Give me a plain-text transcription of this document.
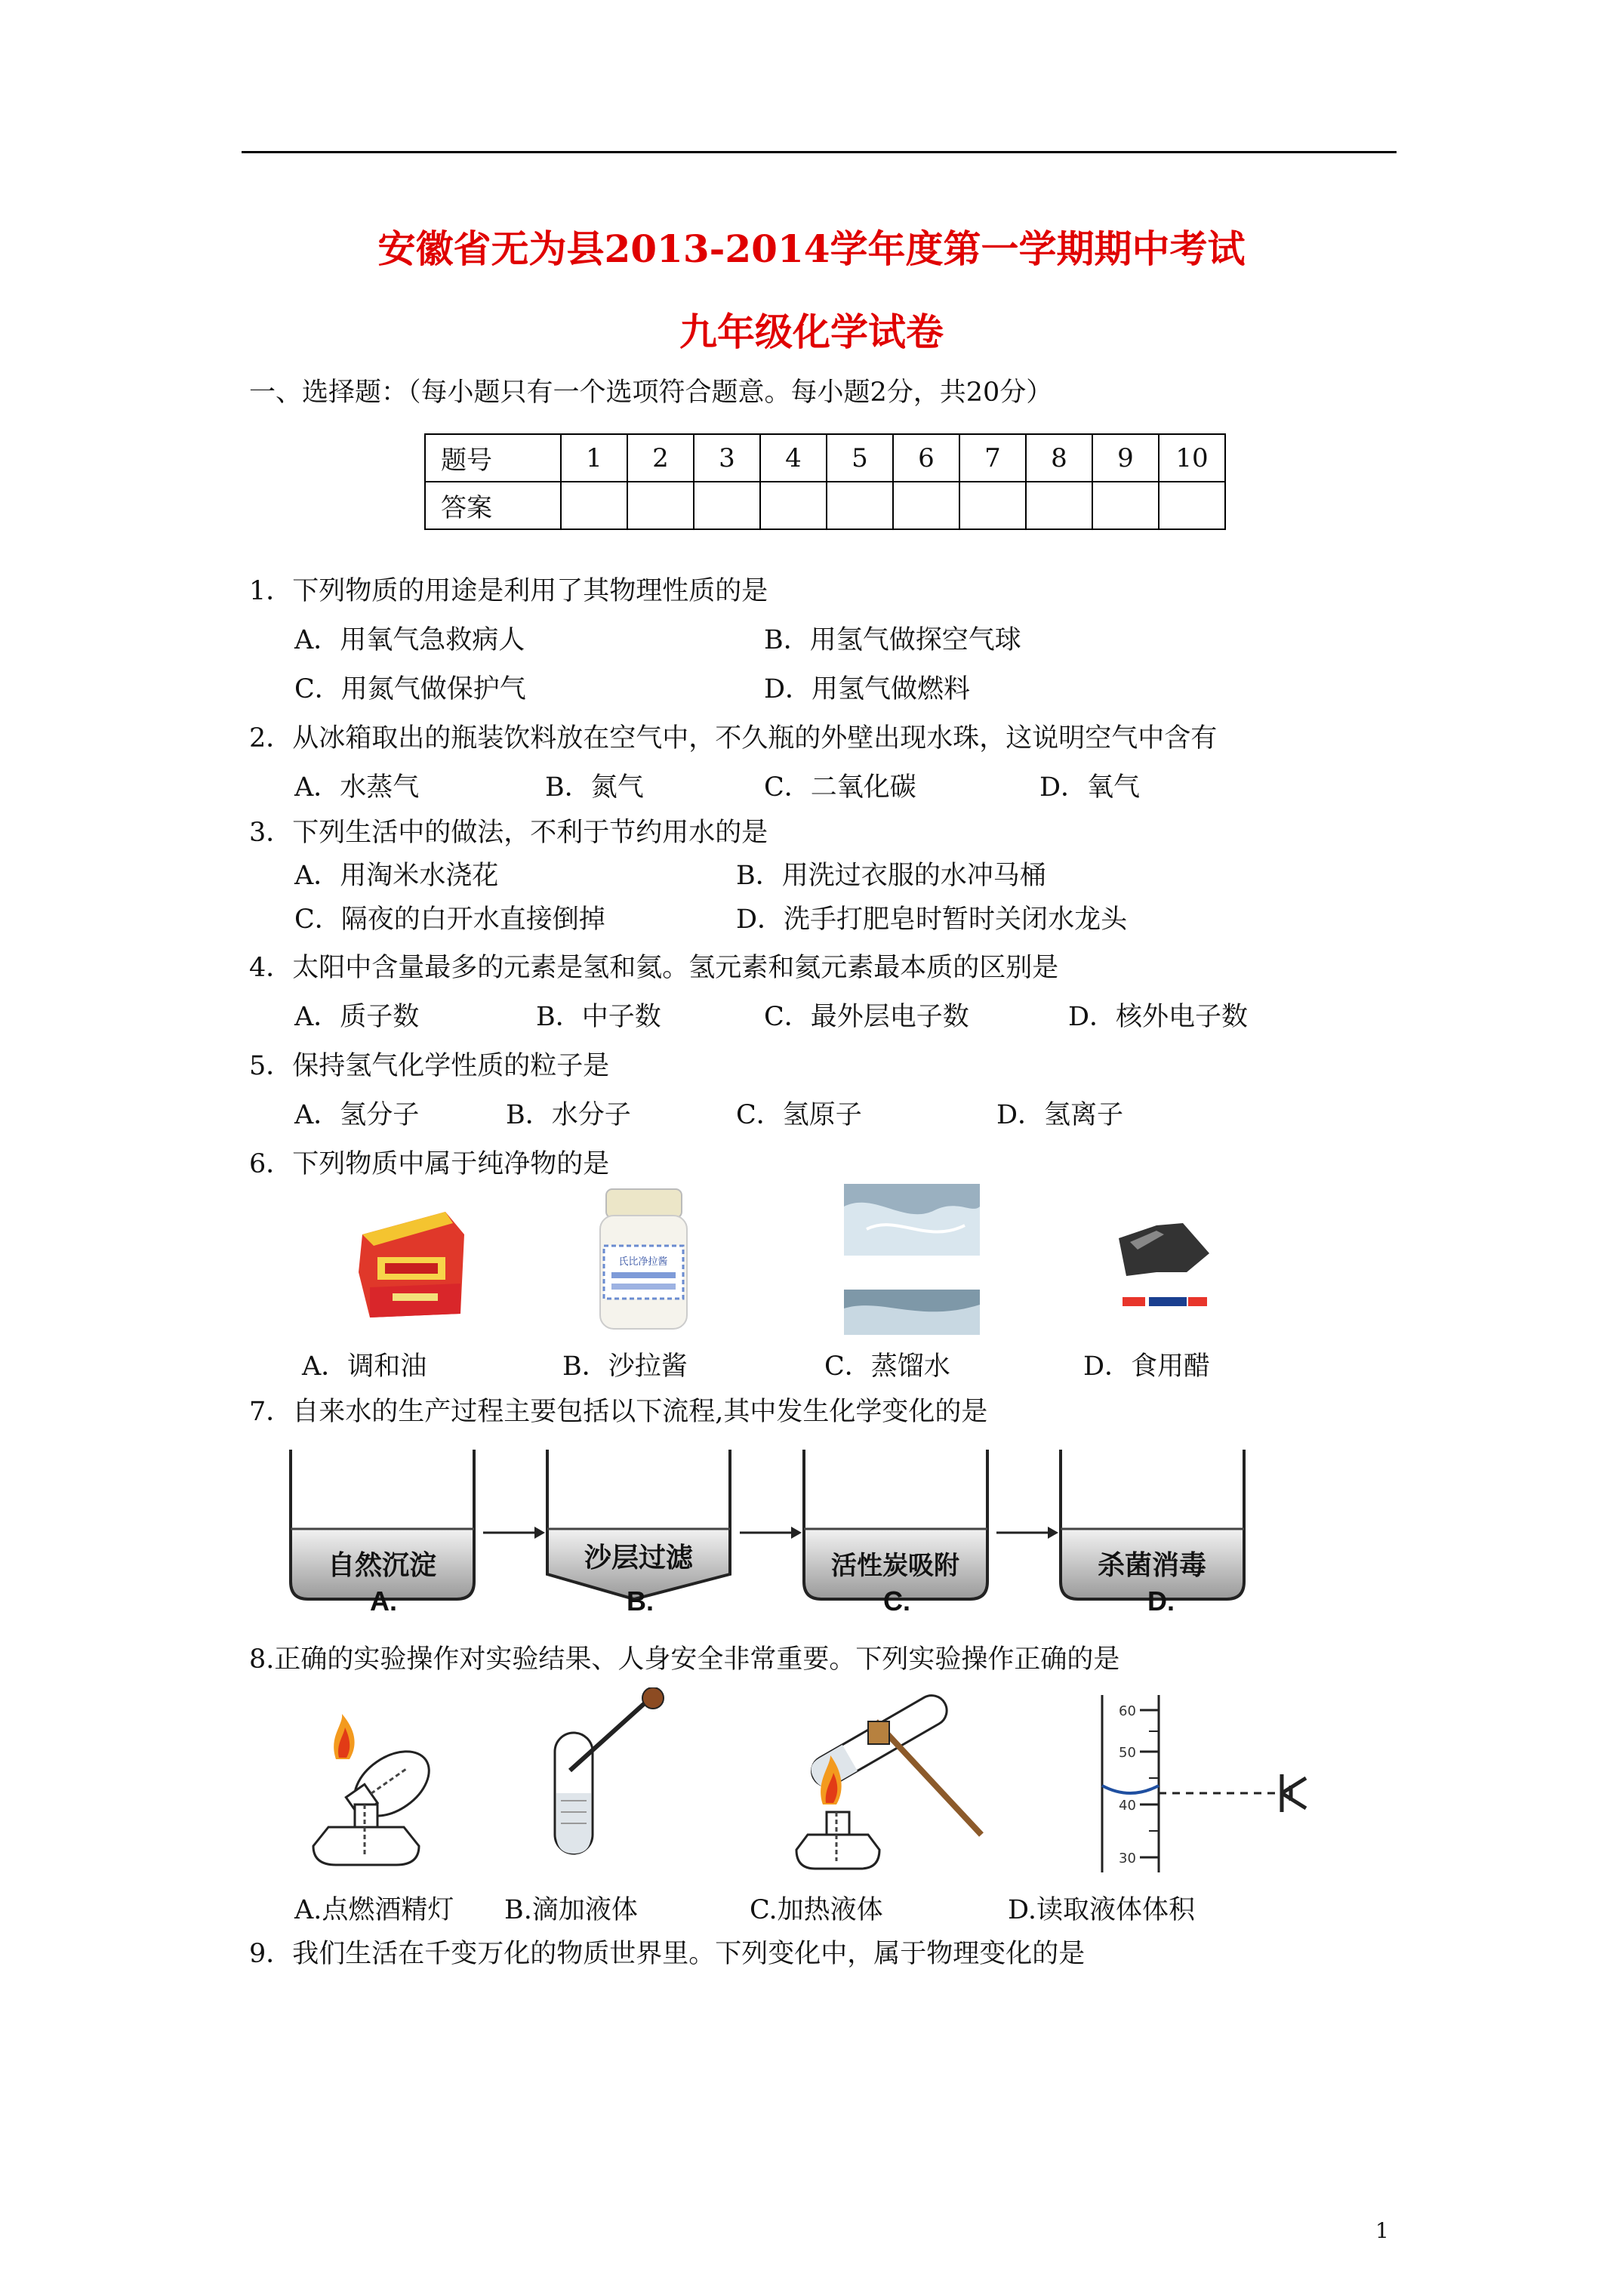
安徽省无为县2013-2014学年度第一学期期中考试
九年级化学试卷
一、选择题：（每小题只有一个选项符合题意。每小题2分，共20分）
题号	1	2	3	4	5	6	7	8	9	10
答案										
1．下列物质的用途是利用了其物理性质的是
A．用氧气急救病人	B．用氢气做探空气球
C．用氮气做保护气	D．用氢气做燃料
2．从冰箱取出的瓶装饮料放在空气中，不久瓶的外壁出现水珠，这说明空气中含有
A．水蒸气	B．氮气	C．二氧化碳	D．氧气
3．下列生活中的做法，不利于节约用水的是
A．用淘米水浇花	B．用洗过衣服的水冲马桶
C．隔夜的白开水直接倒掉	D．洗手打肥皂时暂时关闭水龙头
4．太阳中含量最多的元素是氢和氦。氢元素和氦元素最本质的区别是
A．质子数	B．中子数	C．最外层电子数	D．核外电子数
5．保持氢气化学性质的粒子是
A．氢分子	B．水分子	C．氢原子	D．氢离子
6．下列物质中属于纯净物的是
氏比净拉酱
A．调和油	B．沙拉酱	C．蒸馏水	D．食用醋
7．自来水的生产过程主要包括以下流程,其中发生化学变化的是
自然沉淀	沙层过滤	活性炭吸附	杀菌消毒
A.	B.	C.	D.
8.正确的实验操作对实验结果、人身安全非常重要。下列实验操作正确的是
60
50
40
30
A.点燃酒精灯 B.滴加液体	C.加热液体	D.读取液体体积
9．我们生活在千变万化的物质世界里。下列变化中，属于物理变化的是
1
